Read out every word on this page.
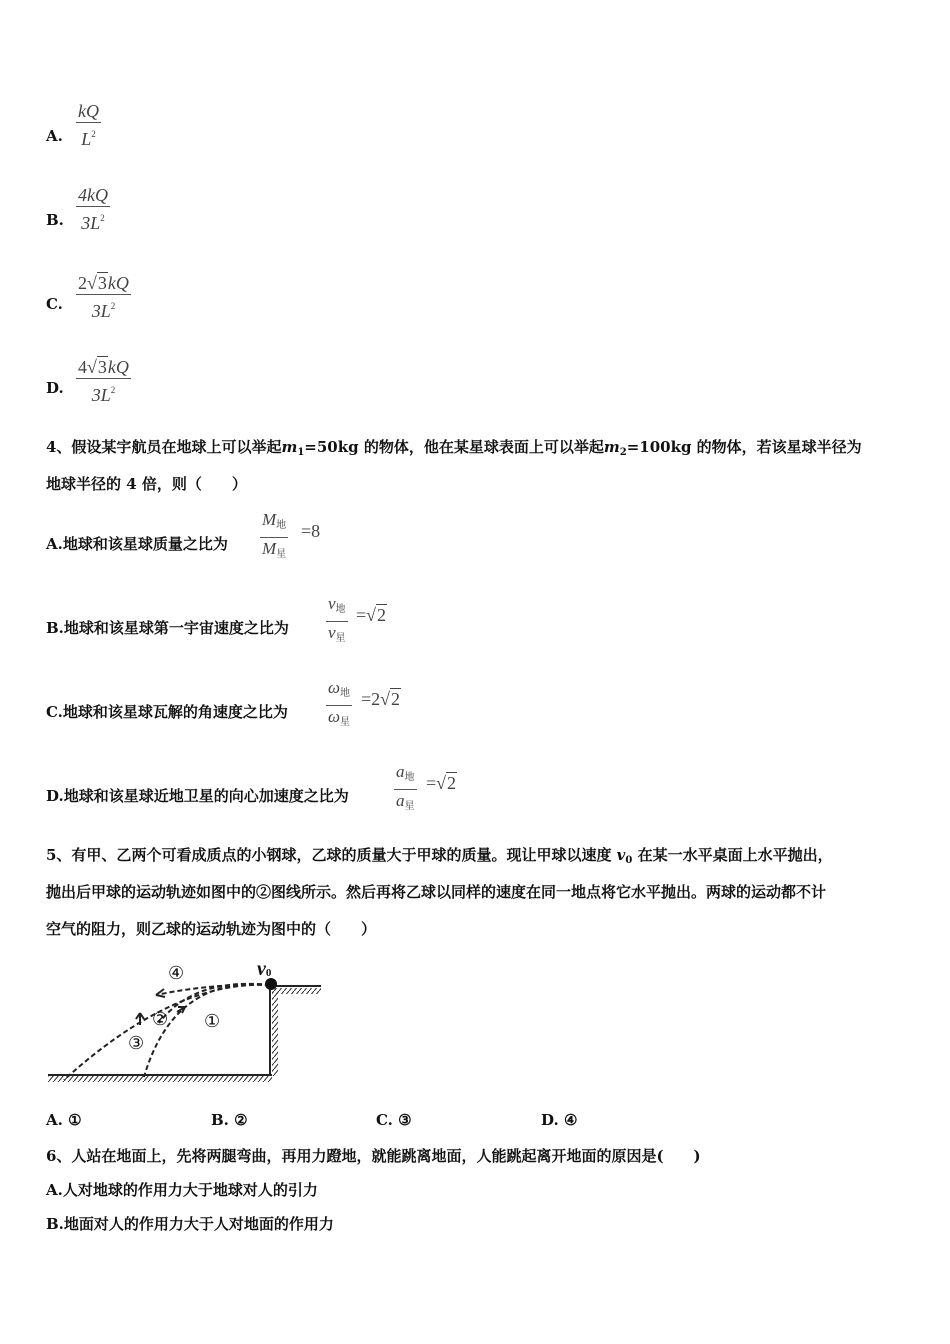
A.
kQ
$L^2$
B.
4kQ
$3L^2$
C.
2√3kQ
$3L^2$
D.
4√3kQ
$3L^2$
4、假设某宇航员在地球上可以举起$m_1=50kg$ 的物体，他在某星球表面上可以举起$m_2=100kg$ 的物体，若该星球半径为
地球半径的 4 倍，则（　　）
A.地球和该星球质量之比为
$M_地$
$M_星$
=8
B.地球和该星球第一宇宙速度之比为
$v_地$
$v_星$
=√2
C.地球和该星球瓦解的角速度之比为
$\omega_地$
$\omega_星$
=2√2
D.地球和该星球近地卫星的向心加速度之比为
$a_地$
$a_星$
=√2
5、有甲、乙两个可看成质点的小钢球，乙球的质量大于甲球的质量。现让甲球以速度 $v_0$ 在某一水平桌面上水平抛出，
抛出后甲球的运动轨迹如图中的②图线所示。然后再将乙球以同样的速度在同一地点将它水平抛出。两球的运动都不计
空气的阻力，则乙球的运动轨迹为图中的（　　）
v0
④
①
②
③
A. ①	B. ②	C. ③	D. ④
6、人站在地面上，先将两腿弯曲，再用力蹬地，就能跳离地面，人能跳起离开地面的原因是(　　)
A.人对地球的作用力大于地球对人的引力
B.地面对人的作用力大于人对地面的作用力
